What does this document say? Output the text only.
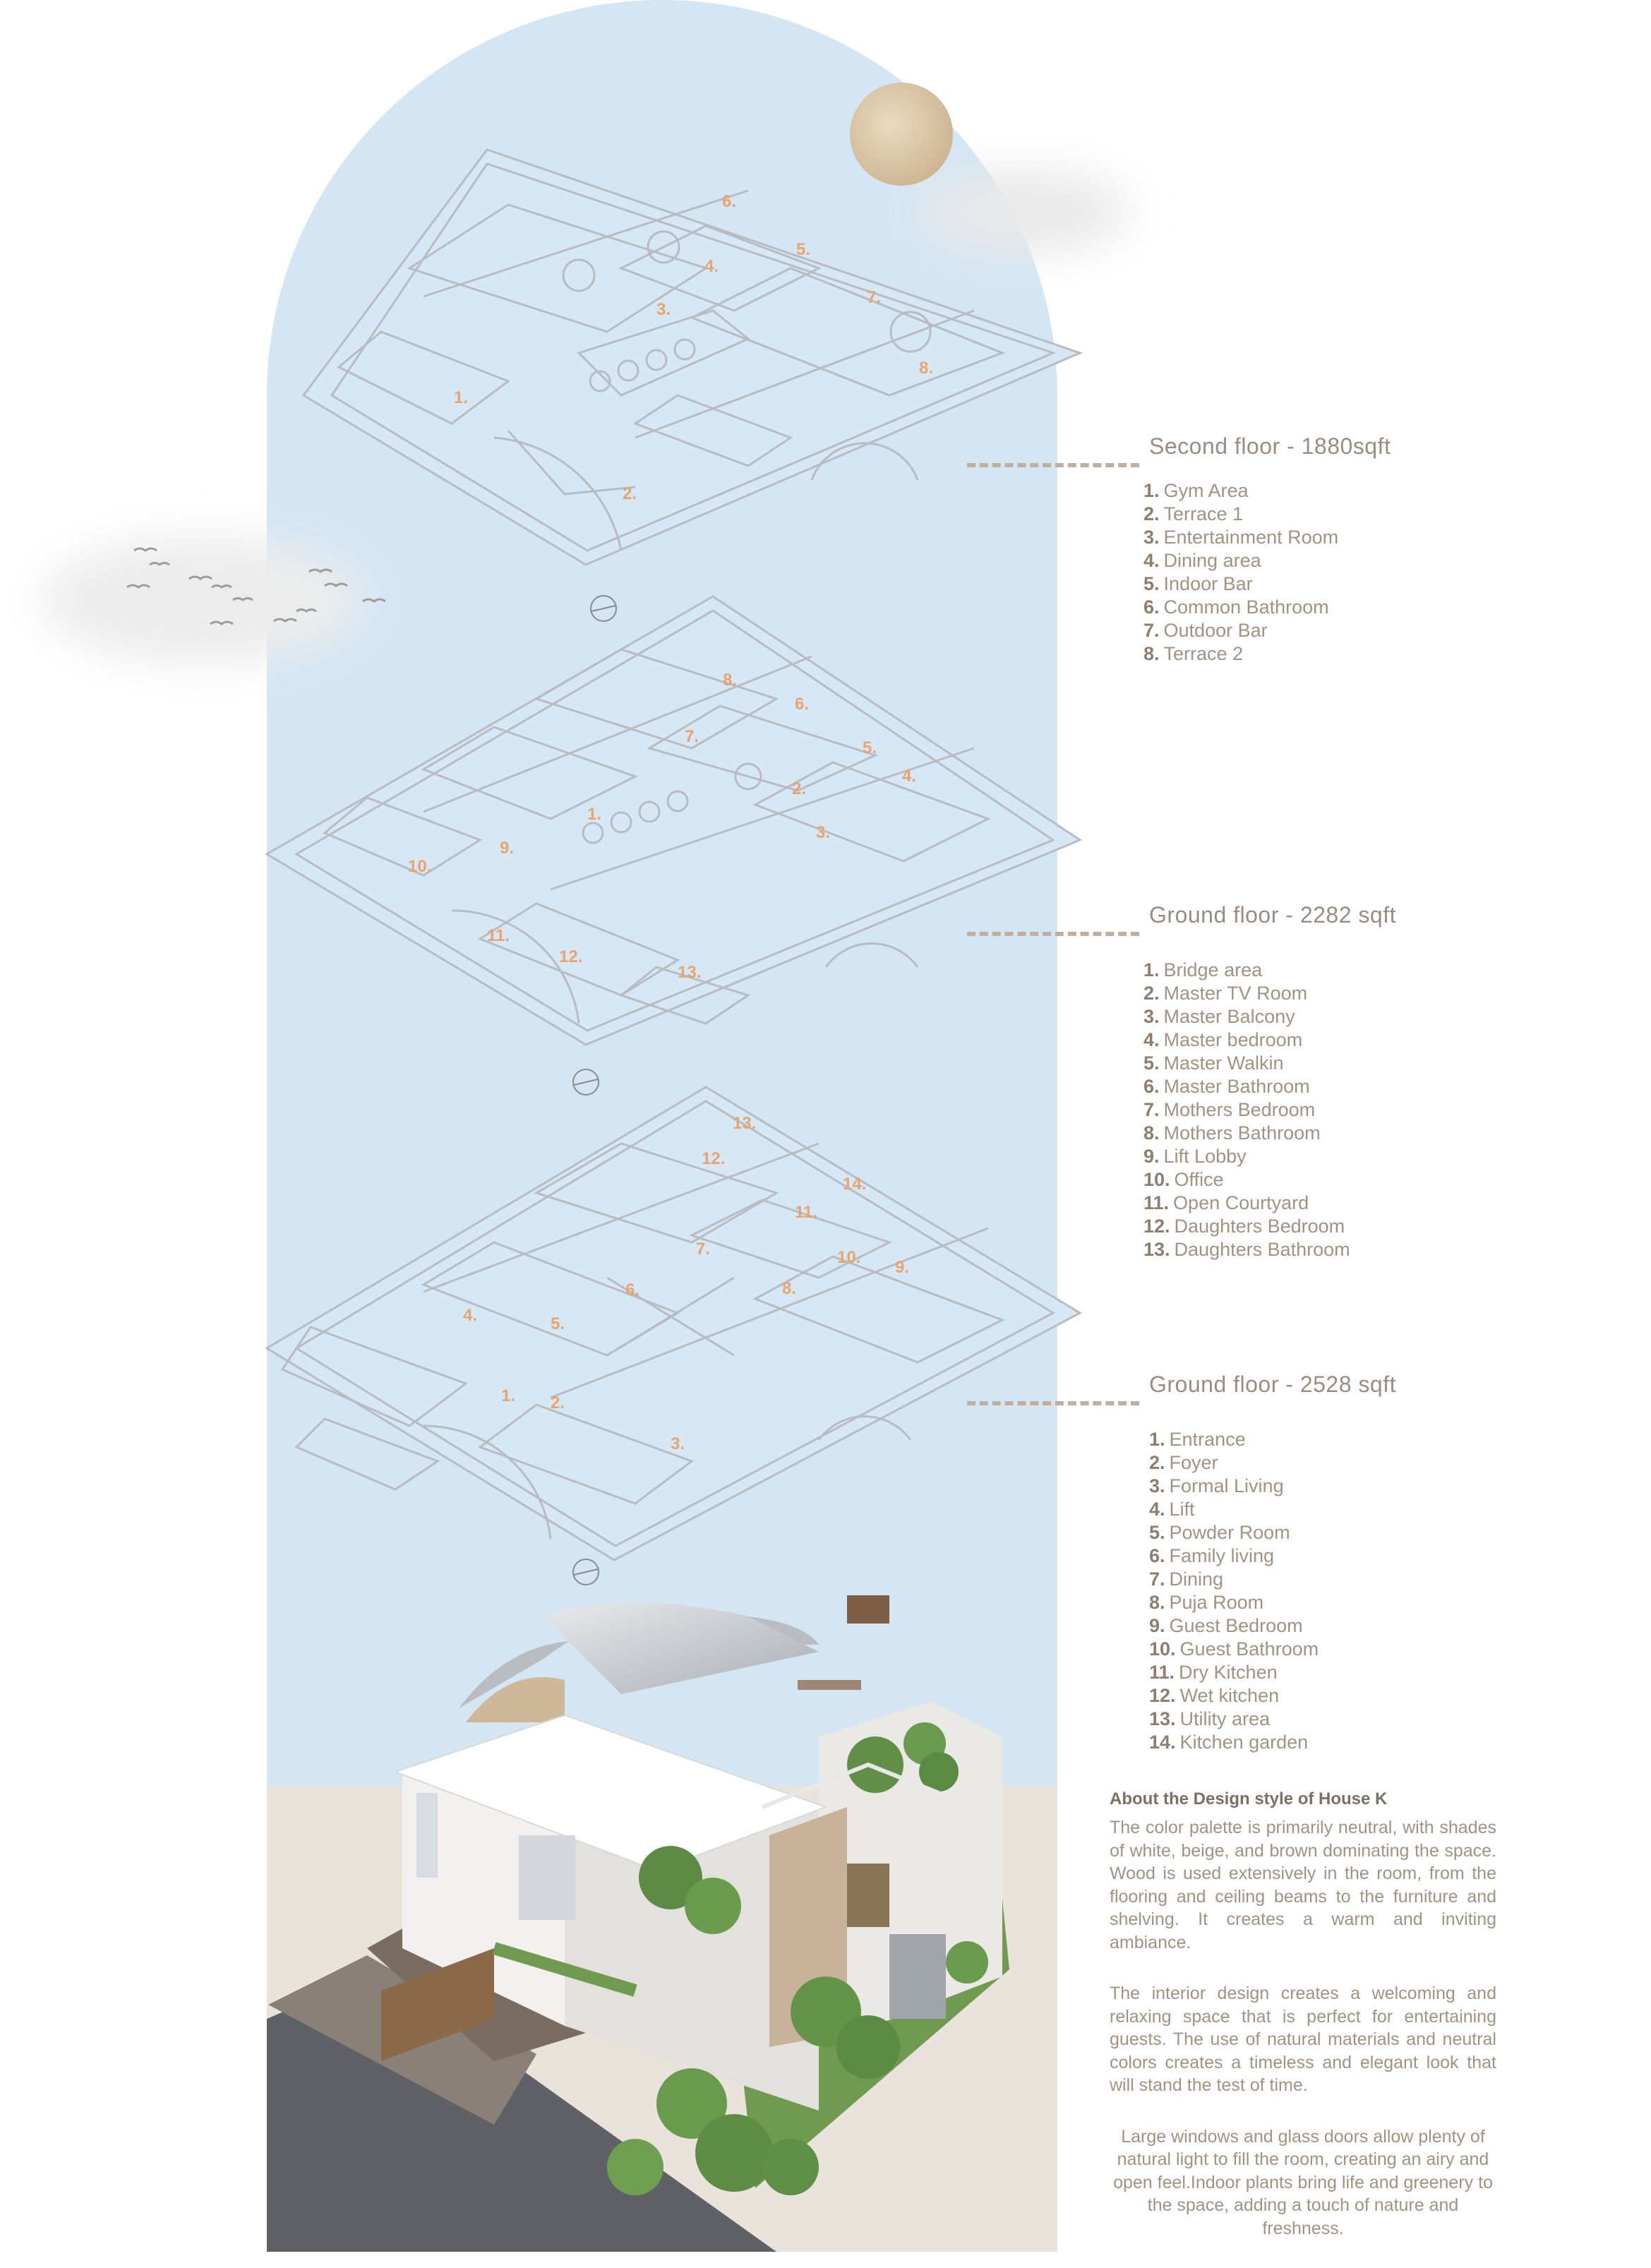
1.
2.
3.
4.
5.
6.
7.
8.
1.
2.
3.
4.
5.
6.
7.
8.
9.
10.
11.
12.
13.
1. 2.
3.
4.	5.
6.
7.
8.
9.
10.
11.
12.
13.
14.
Second floor - 1880sqft
1. Gym Area
2. Terrace 1
3. Entertainment Room
4. Dining area
5. Indoor Bar
6. Common Bathroom
7. Outdoor Bar
8. Terrace 2
Ground floor - 2282 sqft
1. Bridge area
2. Master TV Room
3. Master Balcony
4. Master bedroom
5. Master Walkin
6. Master Bathroom
7. Mothers Bedroom
8. Mothers Bathroom
9. Lift Lobby
10. Office
11. Open Courtyard
12. Daughters Bedroom
13. Daughters Bathroom
Ground floor - 2528 sqft
1. Entrance
2. Foyer
3. Formal Living
4. Lift
5. Powder Room
6. Family living
7. Dining
8. Puja Room
9. Guest Bedroom
10. Guest Bathroom
11. Dry Kitchen
12. Wet kitchen
13. Utility area
14. Kitchen garden
About the Design style of House K

The color palette is primarily neutral, with shades of white, beige, and brown dominating the space. Wood is used extensively in the room, from the flooring and ceiling beams to the furniture and shelving. It creates a warm and inviting ambiance.

The interior design creates a welcoming and relaxing space that is perfect for entertaining guests. The use of natural materials and neutral colors creates a timeless and elegant look that will stand the test of time.

Large windows and glass doors allow plenty of natural light to fill the room, creating an airy and open feel.Indoor plants bring life and greenery to the space, adding a touch of nature and freshness.
